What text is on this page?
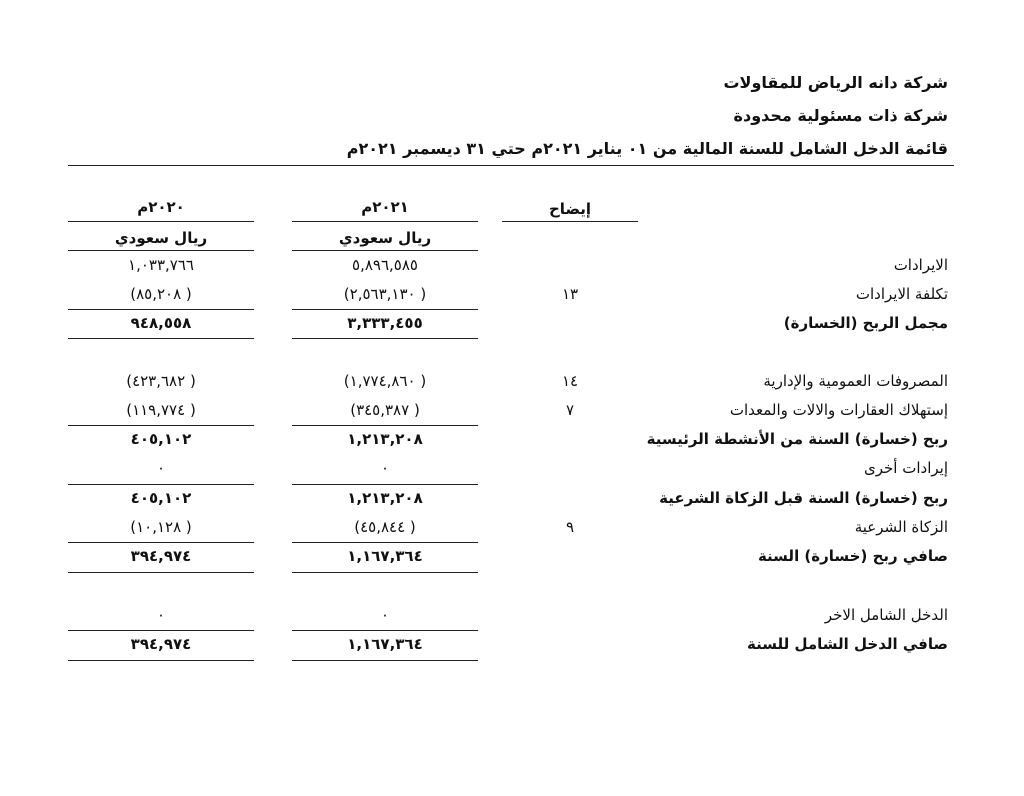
شركة دانه الرياض للمقاولات
شركة ذات مسئولية محدودة
قائمة الدخل الشامل للسنة المالية من ٠١ يناير ٢٠٢١م حتي ٣١ ديسمبر ٢٠٢١م
إيضاح
٢٠٢١م
٢٠٢٠م
ريال سعودي
ريال سعودي
الايرادات
٥,٨٩٦,٥٨٥
١,٠٣٣,٧٦٦
تكلفة الايرادات
١٣
( ٢,٥٦٣,١٣٠)
( ٨٥,٢٠٨)
مجمل الربح (الخسارة)
٣,٣٣٣,٤٥٥
٩٤٨,٥٥٨
المصروفات العمومية والإدارية
١٤
( ١,٧٧٤,٨٦٠)
( ٤٢٣,٦٨٢)
إستهلاك العقارات والالات والمعدات
٧
( ٣٤٥,٣٨٧)
( ١١٩,٧٧٤)
ربح (خسارة) السنة من الأنشطة الرئيسية
١,٢١٣,٢٠٨
٤٠٥,١٠٢
إيرادات أخرى
٠
٠
ربح (خسارة) السنة قبل الزكاة الشرعية
١,٢١٣,٢٠٨
٤٠٥,١٠٢
الزكاة الشرعية
٩
( ٤٥,٨٤٤)
( ١٠,١٢٨)
صافي ربح (خسارة) السنة
١,١٦٧,٣٦٤
٣٩٤,٩٧٤
الدخل الشامل الاخر
٠
٠
صافي الدخل الشامل للسنة
١,١٦٧,٣٦٤
٣٩٤,٩٧٤
